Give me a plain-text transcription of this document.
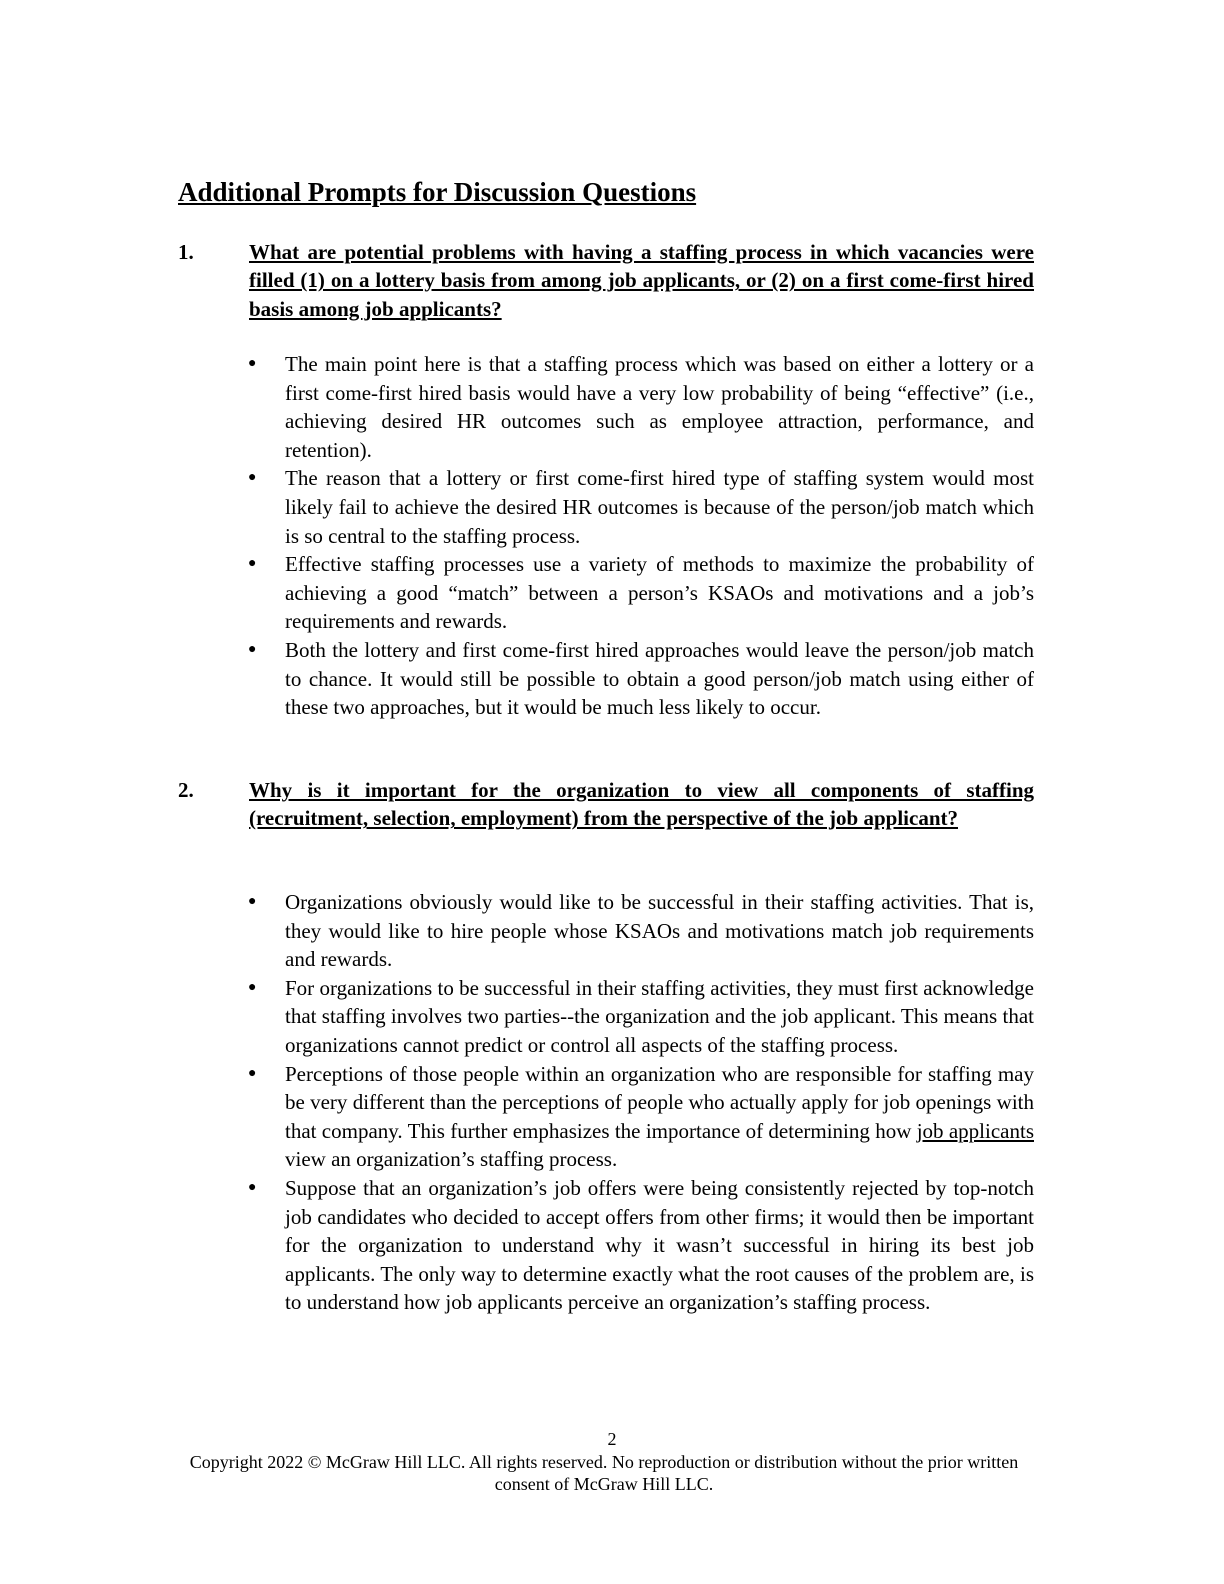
Additional Prompts for Discussion Questions
1.	What are potential problems with having a staffing process in which vacancies were filled (1) on a lottery basis from among job applicants, or (2) on a first come-first hired basis among job applicants?

●	The main point here is that a staffing process which was based on either a lottery or a first come-first hired basis would have a very low probability of being “effective” (i.e., achieving desired HR outcomes such as employee attraction, performance, and retention).
●	The reason that a lottery or first come-first hired type of staffing system would most likely fail to achieve the desired HR outcomes is because of the person/job match which is so central to the staffing process.
●	Effective staffing processes use a variety of methods to maximize the probability of achieving a good “match” between a person’s KSAOs and motivations and a job’s requirements and rewards.
●	Both the lottery and first come-first hired approaches would leave the person/job match to chance. It would still be possible to obtain a good person/job match using either of these two approaches, but it would be much less likely to occur.
2.	Why is it important for the organization to view all components of staffing (recruitment, selection, employment) from the perspective of the job applicant?

●	Organizations obviously would like to be successful in their staffing activities. That is, they would like to hire people whose KSAOs and motivations match job requirements and rewards.
●	For organizations to be successful in their staffing activities, they must first acknowledge that staffing involves two parties--the organization and the job applicant. This means that organizations cannot predict or control all aspects of the staffing process.
●	Perceptions of those people within an organization who are responsible for staffing may be very different than the perceptions of people who actually apply for job openings with that company. This further emphasizes the importance of determining how job applicants view an organization’s staffing process.
●	Suppose that an organization’s job offers were being consistently rejected by top-notch job candidates who decided to accept offers from other firms; it would then be important for the organization to understand why it wasn’t successful in hiring its best job applicants. The only way to determine exactly what the root causes of the problem are, is to understand how job applicants perceive an organization’s staffing process.
2
Copyright 2022 © McGraw Hill LLC. All rights reserved. No reproduction or distribution without the prior written consent of McGraw Hill LLC.
